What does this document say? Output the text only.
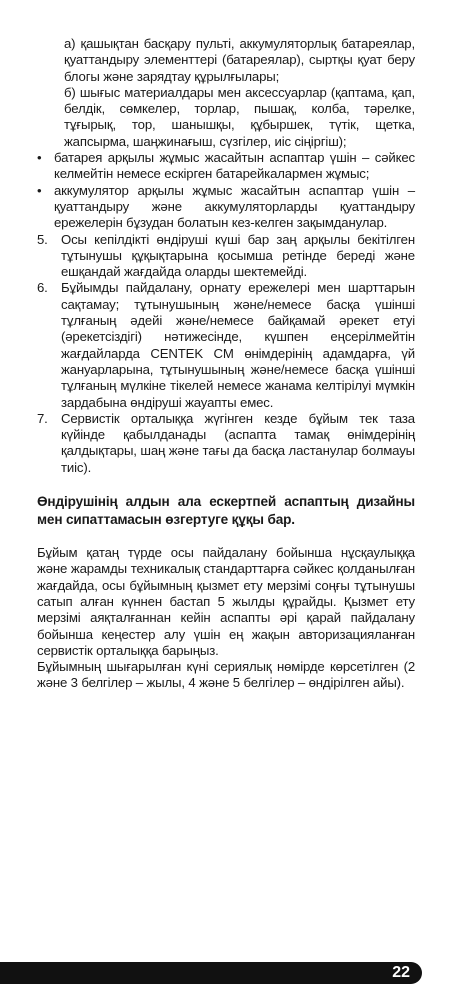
а) қашықтан басқару пульті, аккумуляторлық батареялар, қуаттандыру элементтері (батареялар), сыртқы қуат беру блогы және зарядтау құрылғылары;
б) шығыс материалдары мен аксессуарлар (қаптама, қап, белдік, сөмкелер, торлар, пышақ, колба, тәрелке, тұғырық, тор, шанышқы, құбыршек, түтік, щетка, жапсырма, шаңжинағыш, сүзгілер, иіс сіңіргіш);
• батарея арқылы жұмыс жасайтын аспаптар үшін – сәйкес келмейтін немесе ескірген батарейкалармен жұмыс;
• аккумулятор арқылы жұмыс жасайтын аспаптар үшін – қуаттандыру және аккумуляторларды қуаттандыру ережелерін бұзудан болатын кез-келген зақымданулар.
5. Осы кепілдікті өндіруші күші бар заң арқылы бекітілген тұтынушы құқықтарына қосымша ретінде береді және ешқандай жағдайда оларды шектемейді.
6. Бұйымды пайдалану, орнату ережелері мен шарттарын сақтамау; тұтынушының және/немесе басқа үшінші тұлғаның әдейі және/немесе байқамай әрекет етуі (әрекетсіздігі) нәтижесінде, күшпен еңсерілмейтін жағдайларда CENTEK CM өнімдерінің адамдарға, үй жануарларына, тұтынушының және/немесе басқа үшінші тұлғаның мүлкіне тікелей немесе жанама келтірілуі мүмкін зардабына өндіруші жауапты емес.
7. Сервистік орталыққа жүгінген кезде бұйым тек таза күйінде қабылданады (аспапта тамақ өнімдерінің қалдықтары, шаң және тағы да басқа ластанулар болмауы тиіс).
Өндірушінің алдын ала ескертпей аспаптың дизайны мен сипаттамасын өзгертуге құқы бар.
Бұйым қатаң түрде осы пайдалану бойынша нұсқаулыққа және жарамды техникалық стандарттарға сәйкес қолданылған жағдайда, осы бұйымның қызмет ету мерзімі соңғы тұтынушы сатып алған күннен бастап 5 жылды құрайды. Қызмет ету мерзімі аяқталғаннан кейін аспапты әрі қарай пайдалану бойынша кеңестер алу үшін ең жақын авторизацияланған сервистік орталыққа барыңыз.
Бұйымның шығарылған күні сериялық нөмірде көрсетілген (2 және 3 белгілер – жылы, 4 және 5 белгілер – өндірілген айы).
22
